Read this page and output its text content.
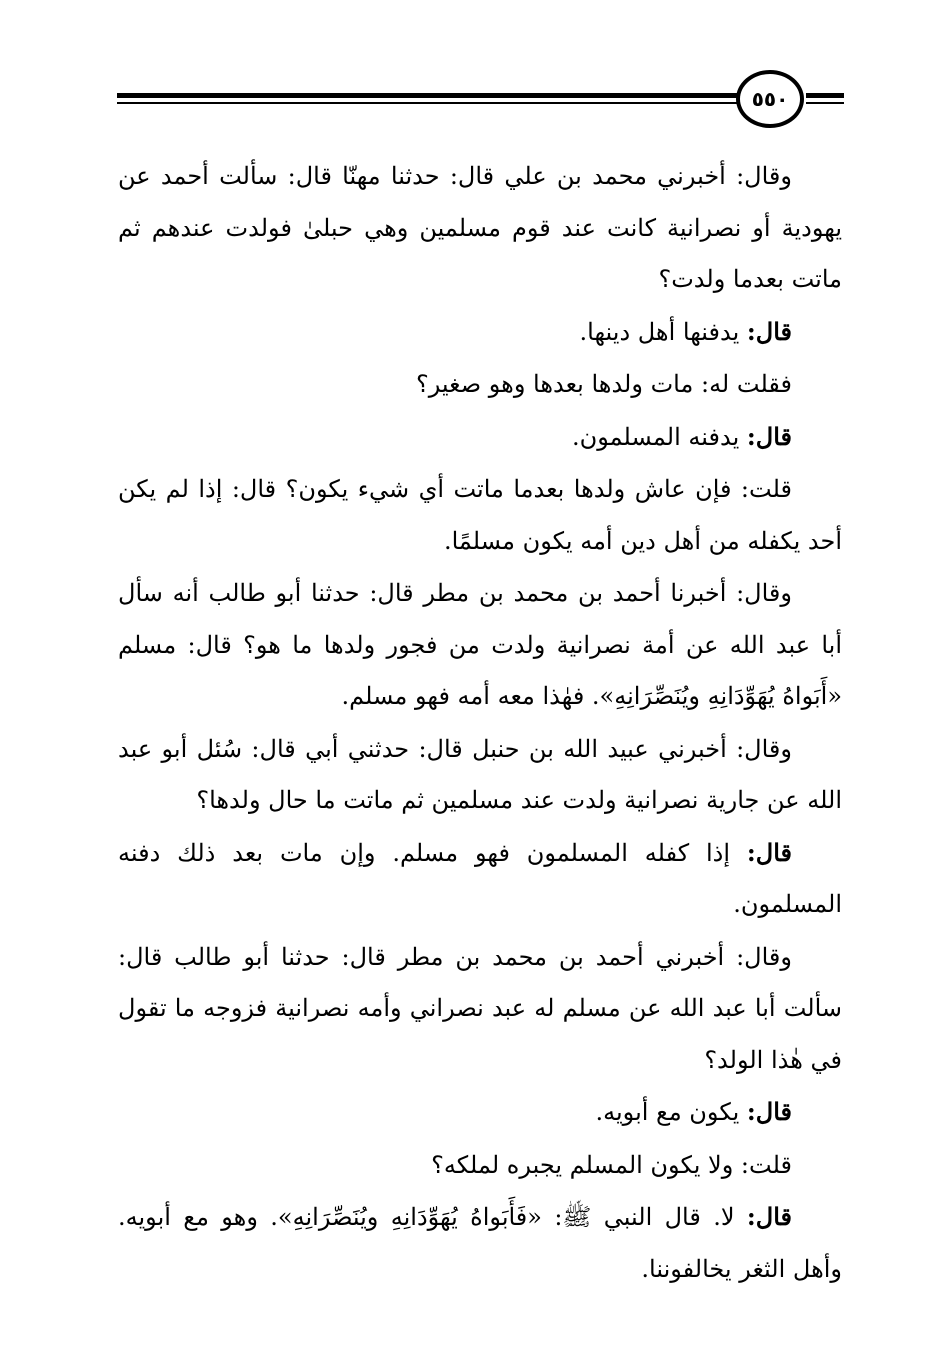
٥٥٠

وقال: أخبرني محمد بن علي قال: حدثنا مهنّا قال: سألت أحمد عن يهودية أو نصرانية كانت عند قوم مسلمين وهي حبلىٰ فولدت عندهم ثم ماتت بعدما ولدت؟

قال: يدفنها أهل دينها.

فقلت له: مات ولدها بعدها وهو صغير؟

قال: يدفنه المسلمون.

قلت: فإن عاش ولدها بعدما ماتت أي شيء يكون؟ قال: إذا لم يكن أحد يكفله من أهل دين أمه يكون مسلمًا.

وقال: أخبرنا أحمد بن محمد بن مطر قال: حدثنا أبو طالب أنه سأل أبا عبد الله عن أمة نصرانية ولدت من فجور ولدها ما هو؟ قال: مسلم «أَبَواهُ يُهَوِّدَانِهِ ويُنَصِّرَانِهِ». فهٰذا معه أمه فهو مسلم.

وقال: أخبرني عبيد الله بن حنبل قال: حدثني أبي قال: سُئل أبو عبد الله عن جارية نصرانية ولدت عند مسلمين ثم ماتت ما حال ولدها؟

قال: إذا كفله المسلمون فهو مسلم. وإن مات بعد ذلك دفنه المسلمون.

وقال: أخبرني أحمد بن محمد بن مطر قال: حدثنا أبو طالب قال: سألت أبا عبد الله عن مسلم له عبد نصراني وأمه نصرانية فزوجه ما تقول في هٰذا الولد؟

قال: يكون مع أبويه.

قلت: ولا يكون المسلم يجبره لملكه؟

قال: لا. قال النبي ﷺ: «فَأَبَواهُ يُهَوِّدَانِهِ ويُنَصِّرَانِهِ». وهو مع أبويه. وأهل الثغر يخالفوننا.
